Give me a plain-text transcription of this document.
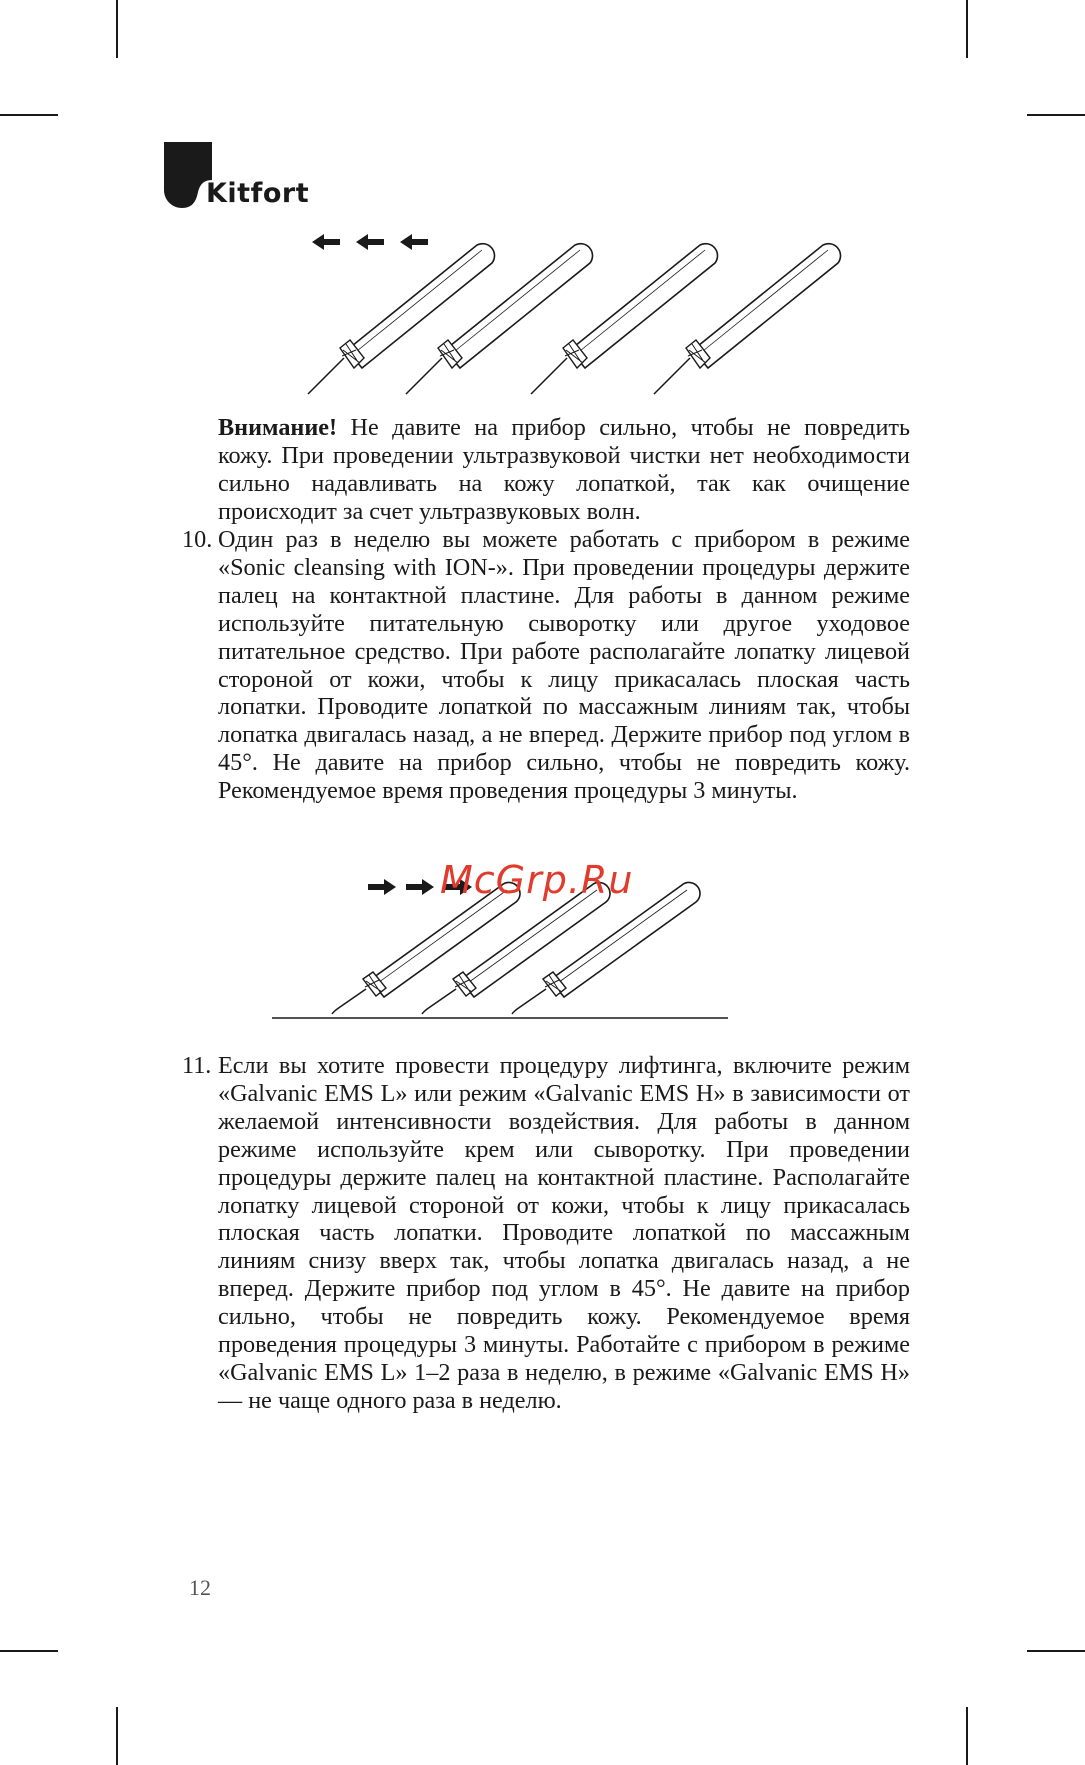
Kitfort

Внимание! Не давите на прибор сильно, чтобы не повредить кожу. При проведении ультразвуковой чистки нет необходимости сильно надавливать на кожу лопаткой, так как очищение происходит за счет ультразвуковых волн.

10. Один раз в неделю вы можете работать с прибором в режиме «Sonic cleansing with ION-». При проведении процедуры держите палец на контактной пластине. Для работы в данном режиме используйте питательную сыворотку или другое уходовое питательное средство. При работе располагайте лопатку лицевой стороной от кожи, чтобы к лицу прикасалась плоская часть лопатки. Проводите лопаткой по массажным линиям так, чтобы лопатка двигалась назад, а не вперед. Держите прибор под углом в 45°. Не давите на прибор сильно, чтобы не повредить кожу. Рекомендуемое время проведения процедуры 3 минуты.
McGrp.Ru
11. Если вы хотите провести процедуру лифтинга, включите режим «Galvanic EMS L» или режим «Galvanic EMS H» в зависимости от желаемой интенсивности воздействия. Для работы в данном режиме используйте крем или сыворотку. При проведении процедуры держите палец на контактной пластине. Располагайте лопатку лицевой стороной от кожи, чтобы к лицу прикасалась плоская часть лопатки. Проводите лопаткой по массажным линиям снизу вверх так, чтобы лопатка двигалась назад, а не вперед. Держите прибор под углом в 45°. Не давите на прибор сильно, чтобы не повредить кожу. Рекомендуемое время проведения процедуры 3 минуты. Работайте с прибором в режиме «Galvanic EMS L» 1–2 раза в неделю, в режиме «Galvanic EMS H» — не чаще одного раза в неделю.
12
